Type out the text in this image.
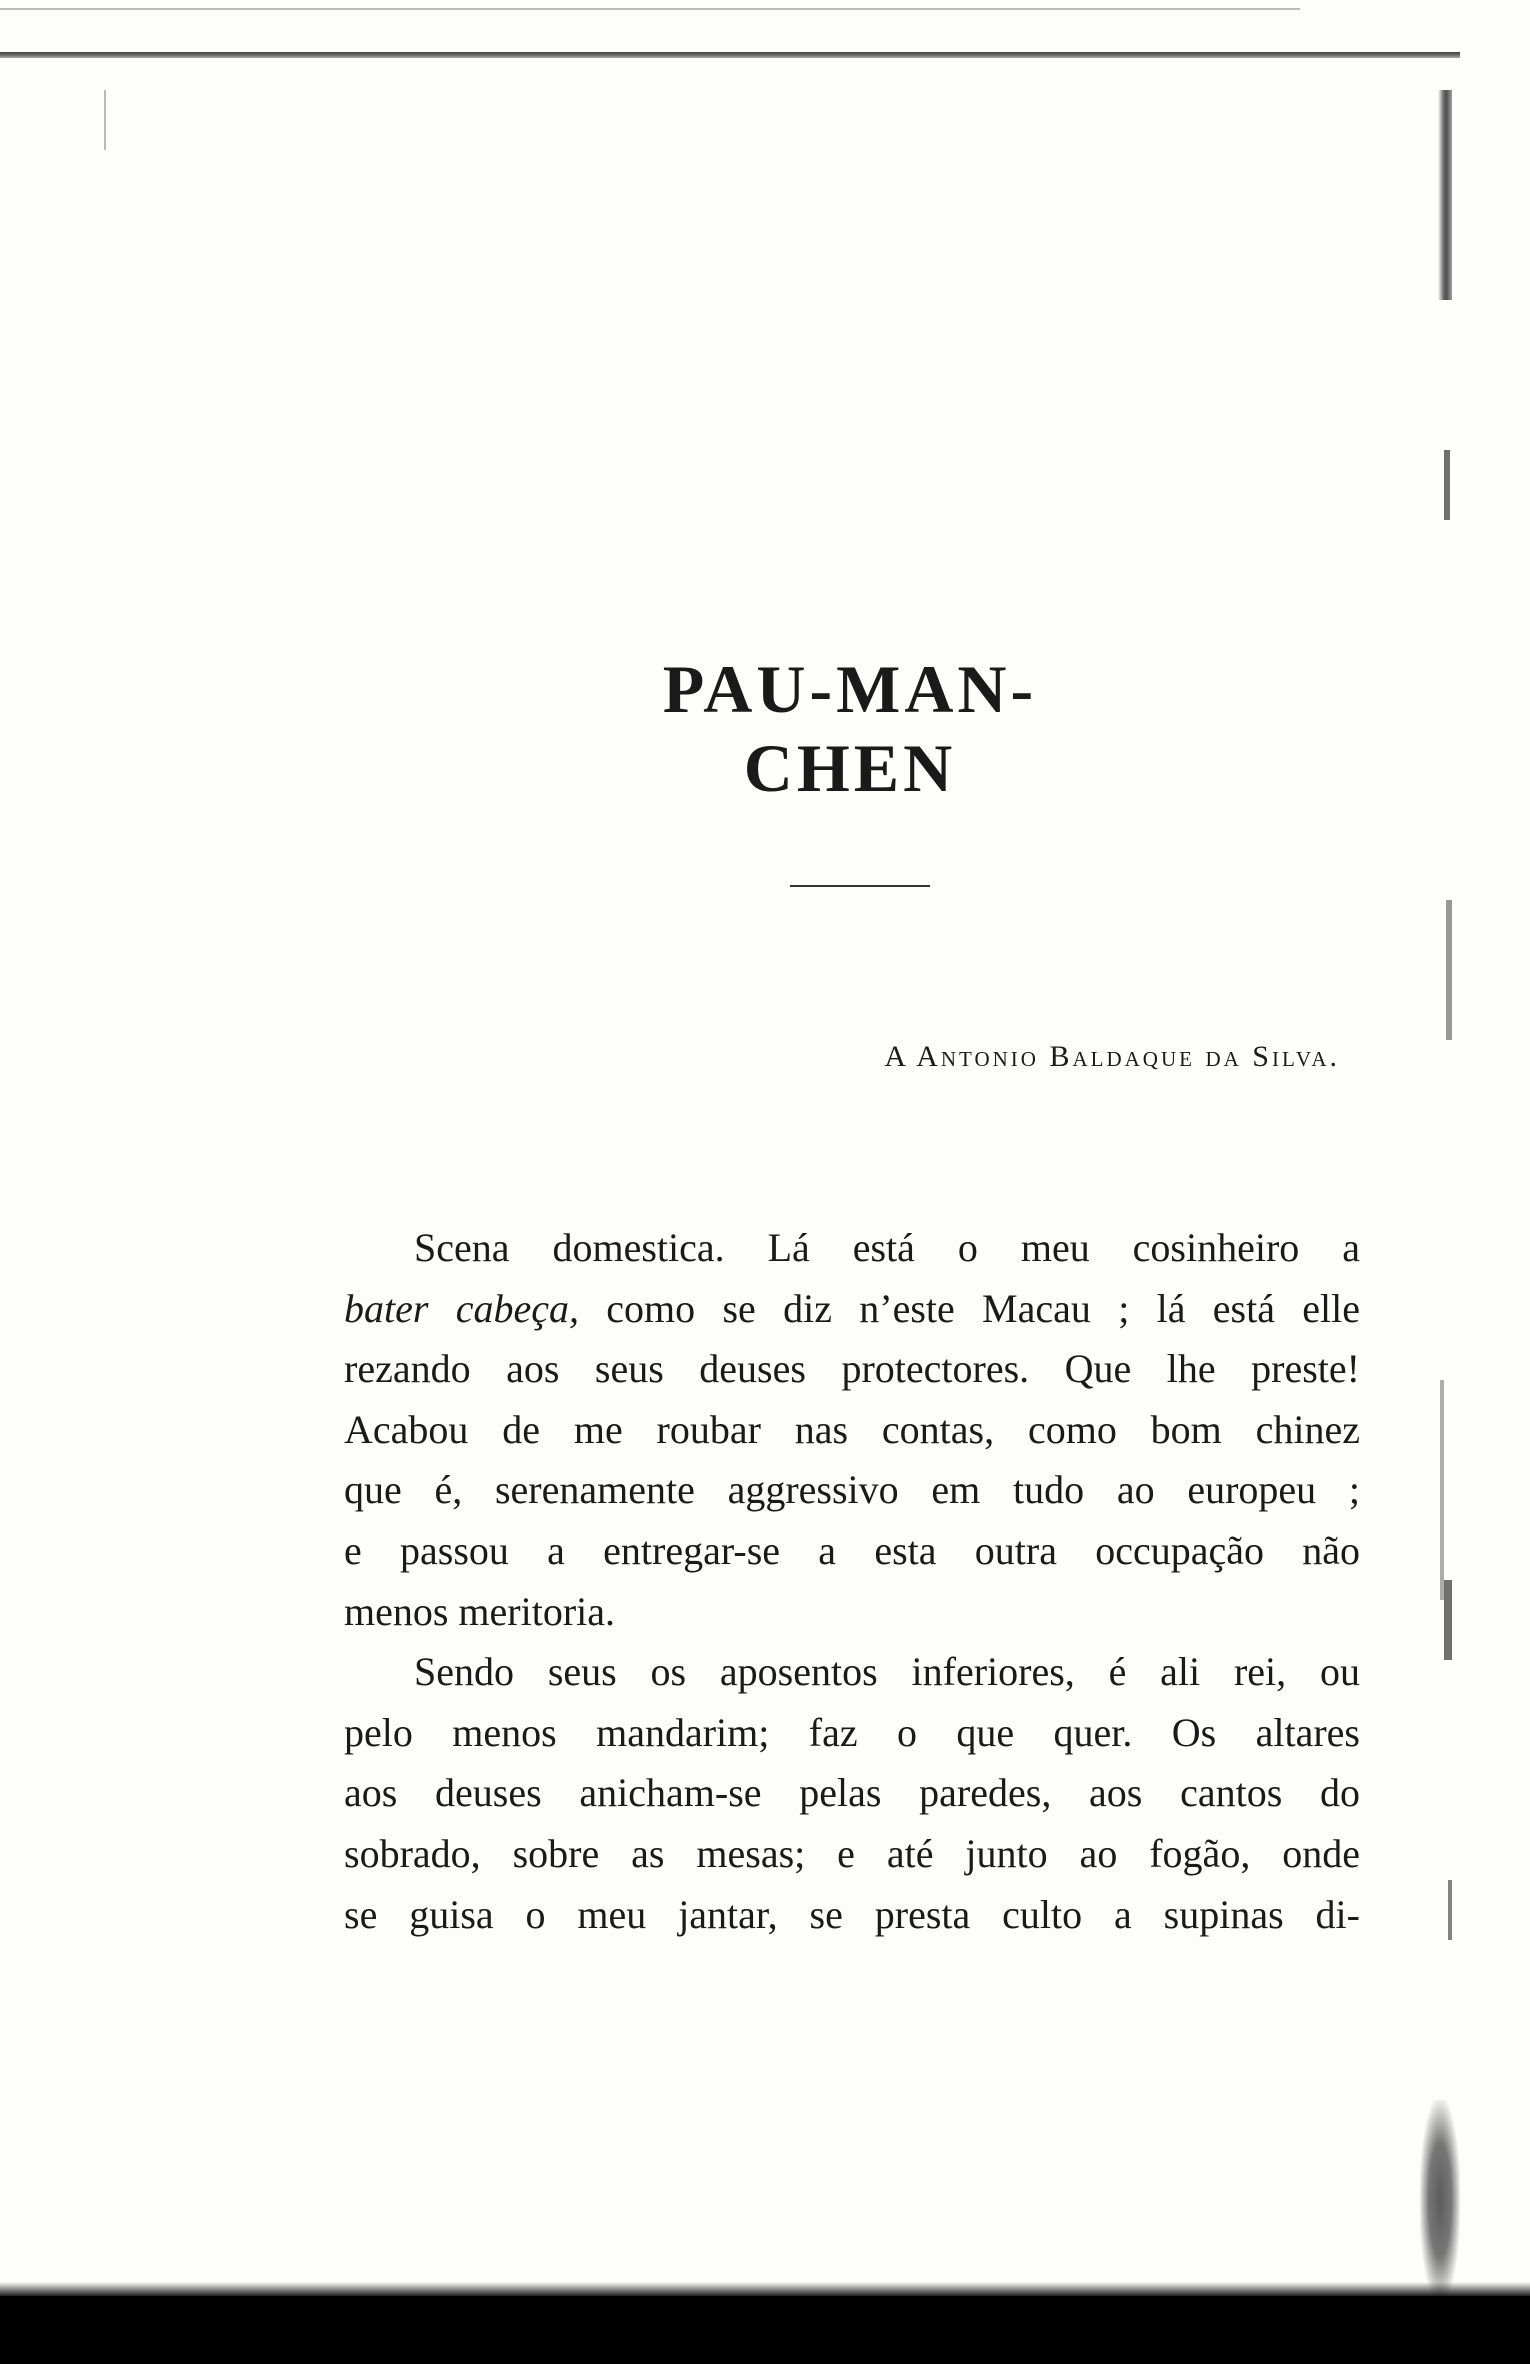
PAU-MAN-CHEN

A Antonio Baldaque da Silva.

Scena domestica. Lá está o meu cosinheiro a
bater cabeça, como se diz n’este Macau ; lá está elle
rezando aos seus deuses protectores. Que lhe preste!
Acabou de me roubar nas contas, como bom chinez
que é, serenamente aggressivo em tudo ao europeu ;
e passou a entregar-se a esta outra occupação não
menos meritoria.
Sendo seus os aposentos inferiores, é ali rei, ou
pelo menos mandarim; faz o que quer. Os altares
aos deuses anicham-se pelas paredes, aos cantos do
sobrado, sobre as mesas; e até junto ao fogão, onde
se guisa o meu jantar, se presta culto a supinas di-
